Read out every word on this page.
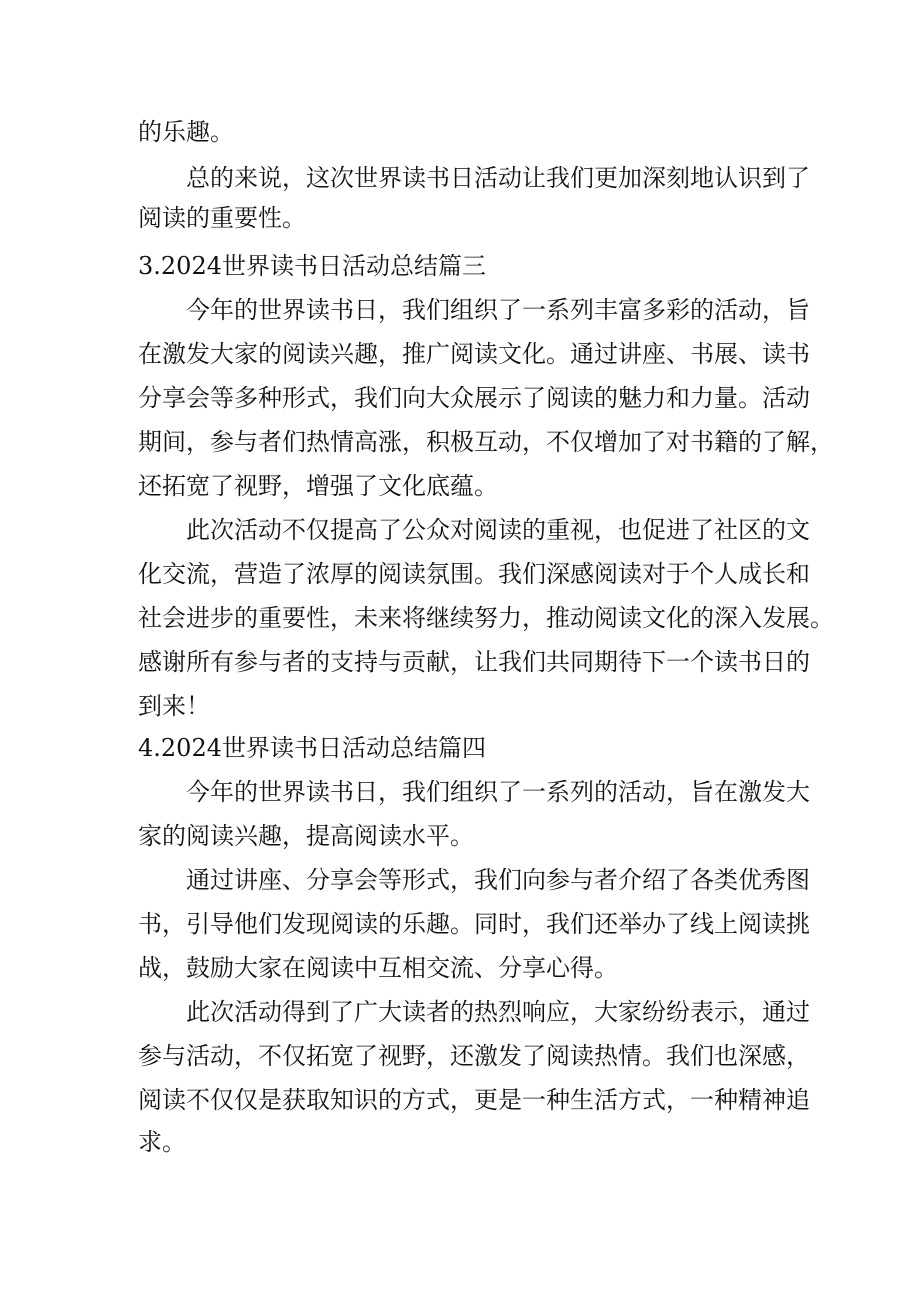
的乐趣。
总的来说，这次世界读书日活动让我们更加深刻地认识到了
阅读的重要性。
3.2024世界读书日活动总结篇三
今年的世界读书日，我们组织了一系列丰富多彩的活动，旨
在激发大家的阅读兴趣，推广阅读文化。通过讲座、书展、读书
分享会等多种形式，我们向大众展示了阅读的魅力和力量。活动
期间，参与者们热情高涨，积极互动，不仅增加了对书籍的了解，
还拓宽了视野，增强了文化底蕴。
此次活动不仅提高了公众对阅读的重视，也促进了社区的文
化交流，营造了浓厚的阅读氛围。我们深感阅读对于个人成长和
社会进步的重要性，未来将继续努力，推动阅读文化的深入发展。
感谢所有参与者的支持与贡献，让我们共同期待下一个读书日的
到来！
4.2024世界读书日活动总结篇四
今年的世界读书日，我们组织了一系列的活动，旨在激发大
家的阅读兴趣，提高阅读水平。
通过讲座、分享会等形式，我们向参与者介绍了各类优秀图
书，引导他们发现阅读的乐趣。同时，我们还举办了线上阅读挑
战，鼓励大家在阅读中互相交流、分享心得。
此次活动得到了广大读者的热烈响应，大家纷纷表示，通过
参与活动，不仅拓宽了视野，还激发了阅读热情。我们也深感，
阅读不仅仅是获取知识的方式，更是一种生活方式，一种精神追
求。
